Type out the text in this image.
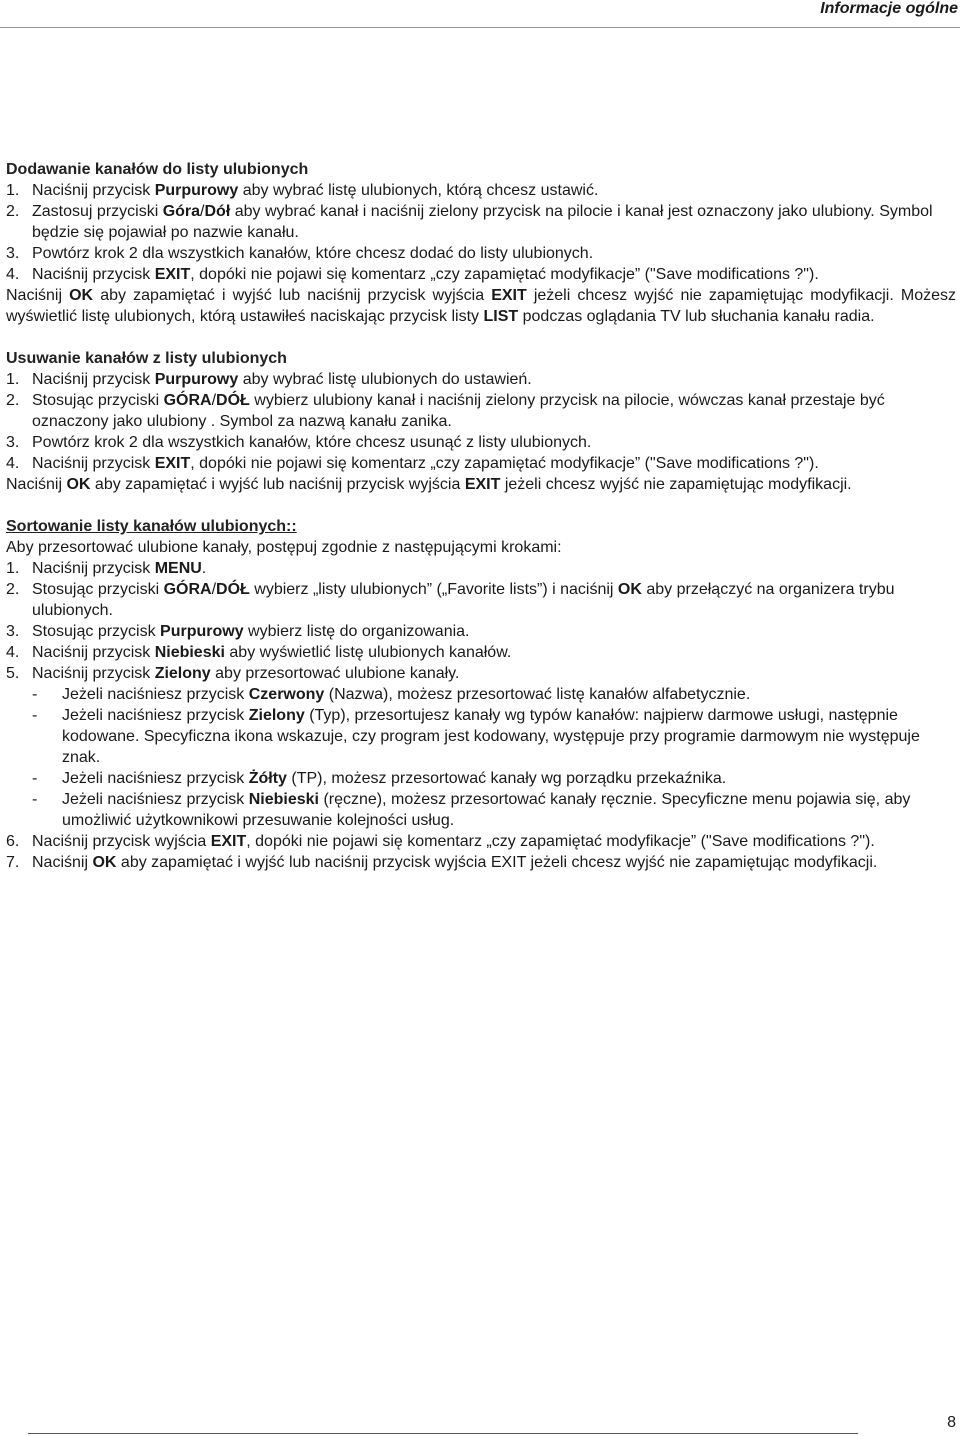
Informacje ogólne
Dodawanie kanałów do listy ulubionych
1. Naciśnij przycisk Purpurowy aby wybrać listę ulubionych, którą chcesz ustawić.
2. Zastosuj przyciski Góra/Dół aby wybrać kanał i naciśnij zielony przycisk na pilocie i kanał jest oznaczony jako ulubiony. Symbol będzie się pojawiał po nazwie kanału.
3. Powtórz krok 2 dla wszystkich kanałów, które chcesz dodać do listy ulubionych.
4. Naciśnij przycisk EXIT, dopóki nie pojawi się komentarz „czy zapamiętać modyfikacje” ("Save modifications ?").
Naciśnij OK aby zapamiętać i wyjść lub naciśnij przycisk wyjścia EXIT jeżeli chcesz wyjść nie zapamiętując modyfikacji. Możesz wyświetlić listę ulubionych, którą ustawiłeś naciskając przycisk listy LIST podczas oglądania TV lub słuchania kanału radia.
Usuwanie kanałów z listy ulubionych
1. Naciśnij przycisk Purpurowy aby wybrać listę ulubionych do ustawień.
2. Stosując przyciski GÓRA/DÓŁ wybierz ulubiony kanał i naciśnij zielony przycisk na pilocie, wówczas kanał przestaje być oznaczony jako ulubiony . Symbol za nazwą kanału zanika.
3. Powtórz krok 2 dla wszystkich kanałów, które chcesz usunąć z listy ulubionych.
4. Naciśnij przycisk EXIT, dopóki nie pojawi się komentarz „czy zapamiętać modyfikacje” ("Save modifications ?").
Naciśnij OK aby zapamiętać i wyjść lub naciśnij przycisk wyjścia EXIT jeżeli chcesz wyjść nie zapamiętując modyfikacji.
Sortowanie listy kanałów ulubionych::
Aby przesortować ulubione kanały, postępuj zgodnie z następującymi krokami:
1. Naciśnij przycisk MENU.
2. Stosując przyciski GÓRA/DÓŁ wybierz „listy ulubionych” („Favorite lists”) i naciśnij OK aby przełączyć na organizera trybu ulubionych.
3. Stosując przycisk Purpurowy wybierz listę do organizowania.
4. Naciśnij przycisk Niebieski aby wyświetlić listę ulubionych kanałów.
5. Naciśnij przycisk Zielony aby przesortować ulubione kanały.
- Jeżeli naciśniesz przycisk Czerwony (Nazwa), możesz przesortować listę kanałów alfabetycznie.
- Jeżeli naciśniesz przycisk Zielony (Typ), przesortujesz kanały wg typów kanałów: najpierw darmowe usługi, następnie kodowane. Specyficzna ikona wskazuje, czy program jest kodowany, występuje przy programie darmowym nie występuje znak.
- Jeżeli naciśniesz przycisk Żółty (TP), możesz przesortować kanały wg porządku przekaźnika.
- Jeżeli naciśniesz przycisk Niebieski (ręczne), możesz przesortować kanały ręcznie. Specyficzne menu pojawia się, aby umożliwić użytkownikowi przesuwanie kolejności usług.
6. Naciśnij przycisk wyjścia EXIT, dopóki nie pojawi się komentarz „czy zapamiętać modyfikacje” ("Save modifications ?").
7. Naciśnij OK aby zapamiętać i wyjść lub naciśnij przycisk wyjścia EXIT jeżeli chcesz wyjść nie zapamiętując modyfikacji.
8
